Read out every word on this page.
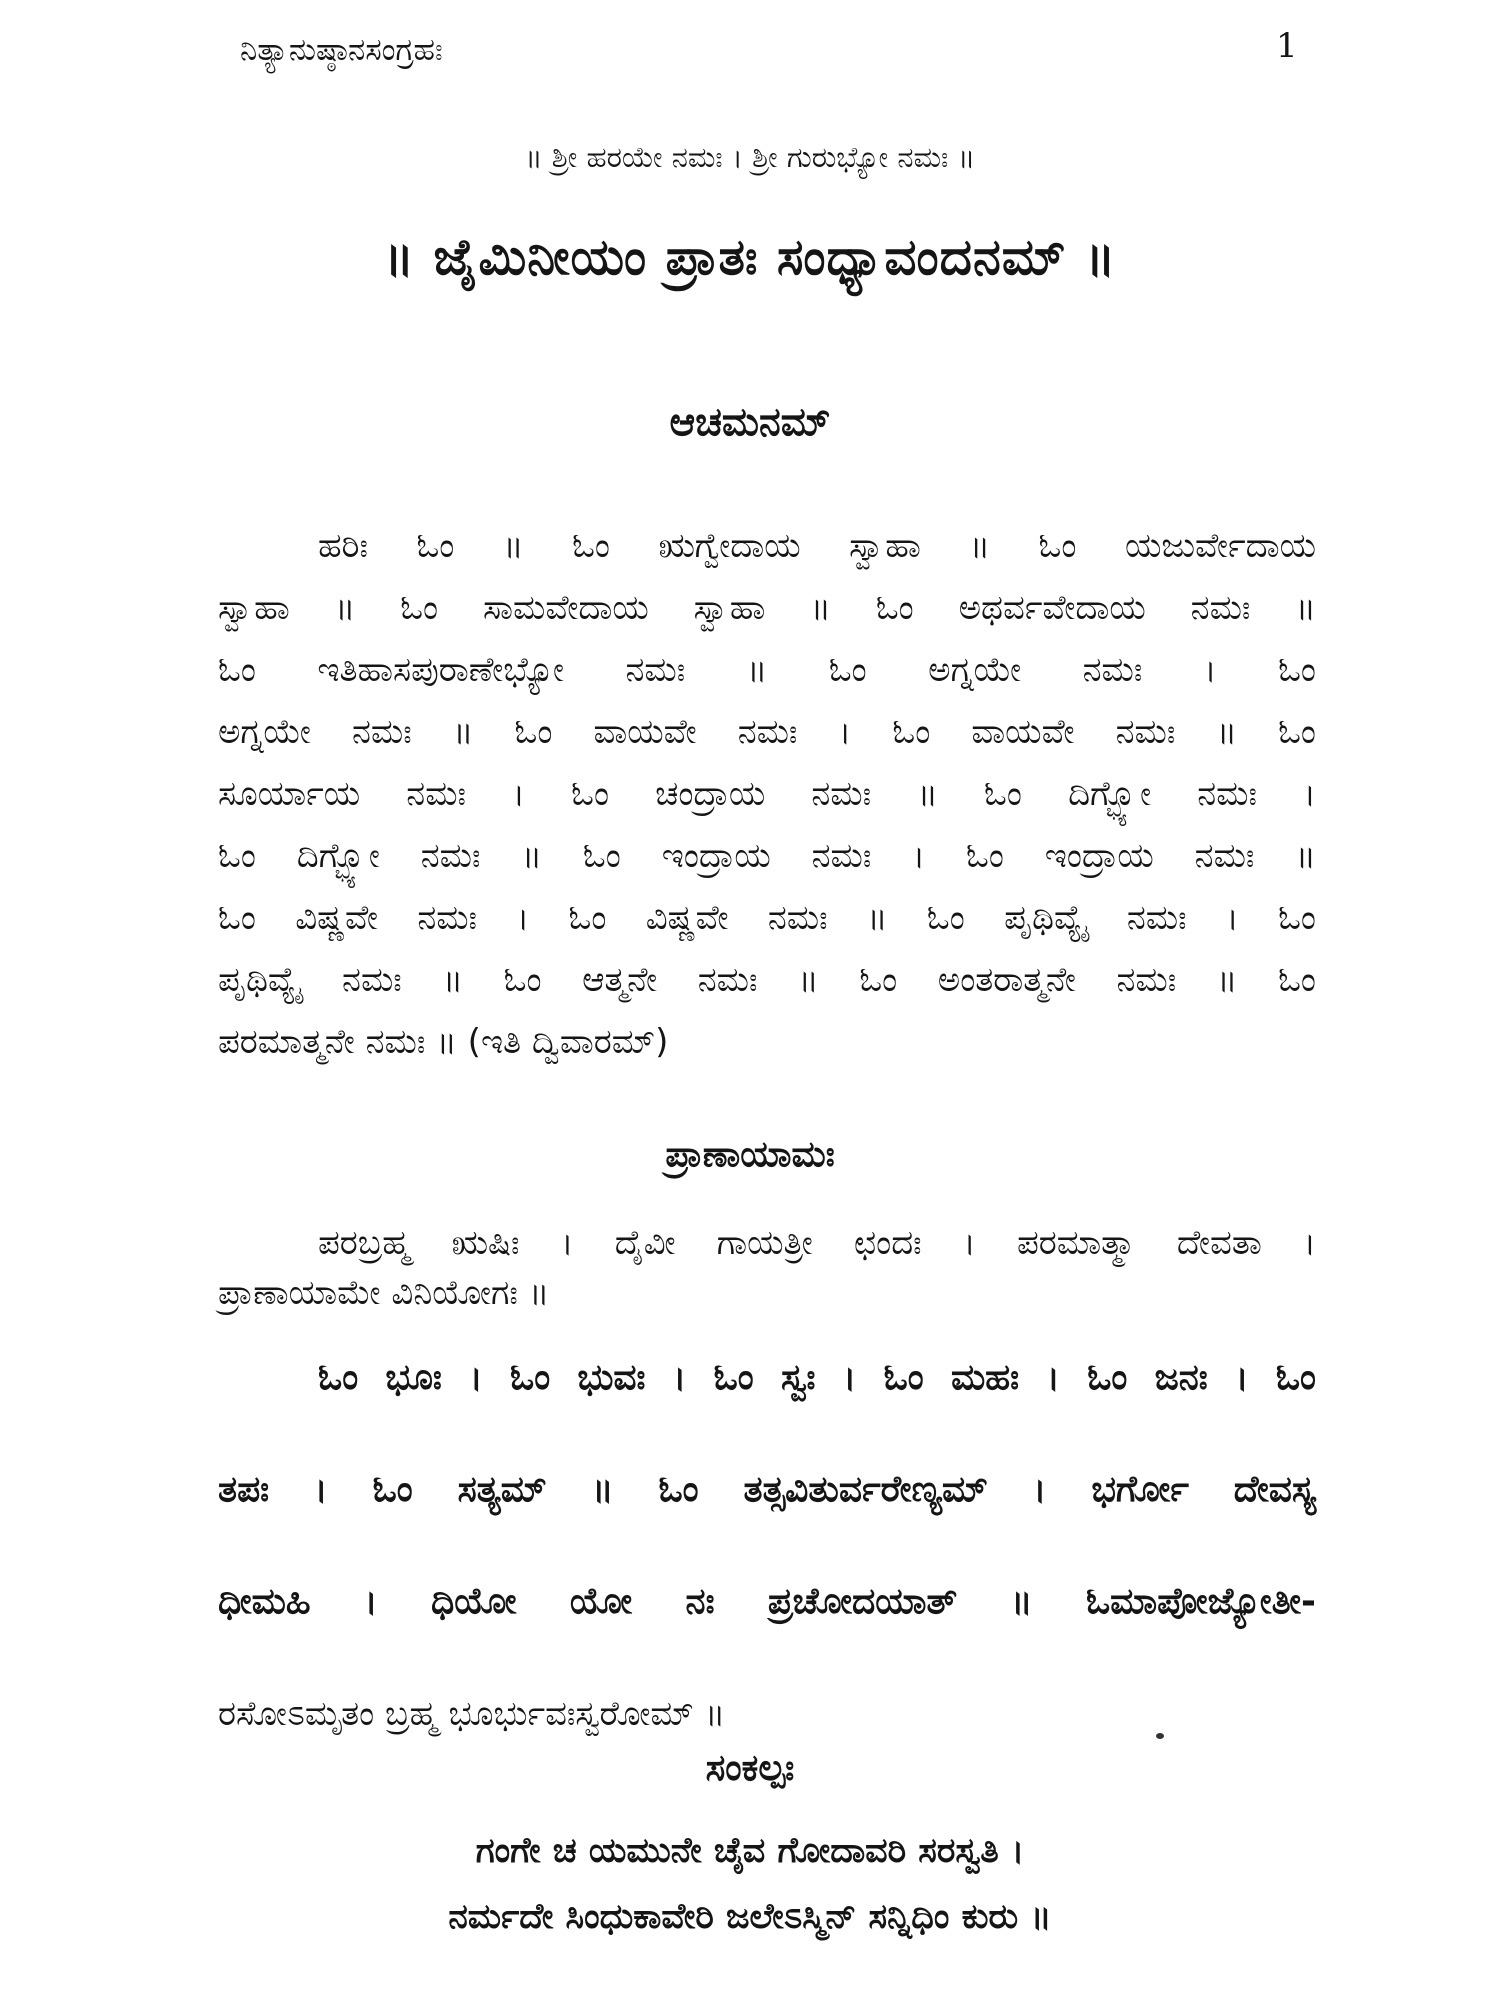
ನಿತ್ಯಾನುಷ್ಠಾನಸಂಗ್ರಹಃ	1
॥ ಶ್ರೀ ಹರಯೇ ನಮಃ । ಶ್ರೀ ಗುರುಭ್ಯೋ ನಮಃ ॥
॥ ಜೈಮಿನೀಯಂ ಪ್ರಾತಃ ಸಂಧ್ಯಾವಂದನಮ್ ॥
ಆಚಮನಮ್
ಹರಿಃ ಓಂ ॥ ಓಂ ಋಗ್ವೇದಾಯ ಸ್ವಾಹಾ ॥ ಓಂ ಯಜುರ್ವೇದಾಯ
ಸ್ವಾಹಾ ॥ ಓಂ ಸಾಮವೇದಾಯ ಸ್ವಾಹಾ ॥ ಓಂ ಅಥರ್ವವೇದಾಯ ನಮಃ ॥
ಓಂ ಇತಿಹಾಸಪುರಾಣೇಭ್ಯೋ ನಮಃ ॥ ಓಂ ಅಗ್ನಯೇ ನಮಃ । ಓಂ
ಅಗ್ನಯೇ ನಮಃ ॥ ಓಂ ವಾಯವೇ ನಮಃ । ಓಂ ವಾಯವೇ ನಮಃ ॥ ಓಂ
ಸೂರ್ಯಾಯ ನಮಃ । ಓಂ ಚಂದ್ರಾಯ ನಮಃ ॥ ಓಂ ದಿಗ್ಭ್ಯೋ ನಮಃ ।
ಓಂ ದಿಗ್ಭ್ಯೋ ನಮಃ ॥ ಓಂ ಇಂದ್ರಾಯ ನಮಃ । ಓಂ ಇಂದ್ರಾಯ ನಮಃ ॥
ಓಂ ವಿಷ್ಣವೇ ನಮಃ । ಓಂ ವಿಷ್ಣವೇ ನಮಃ ॥ ಓಂ ಪೃಥಿವ್ಯೈ ನಮಃ । ಓಂ
ಪೃಥಿವ್ಯೈ ನಮಃ ॥ ಓಂ ಆತ್ಮನೇ ನಮಃ ॥ ಓಂ ಅಂತರಾತ್ಮನೇ ನಮಃ ॥ ಓಂ
ಪರಮಾತ್ಮನೇ ನಮಃ ॥ (ಇತಿ ದ್ವಿವಾರಮ್)
ಪ್ರಾಣಾಯಾಮಃ
ಪರಬ್ರಹ್ಮ ಋಷಿಃ । ದೈವೀ ಗಾಯತ್ರೀ ಛಂದಃ । ಪರಮಾತ್ಮಾ ದೇವತಾ ।
ಪ್ರಾಣಾಯಾಮೇ ವಿನಿಯೋಗಃ ॥
ಓಂ ಭೂಃ । ಓಂ ಭುವಃ । ಓಂ ಸ್ವಃ । ಓಂ ಮಹಃ । ಓಂ ಜನಃ । ಓಂ
ತಪಃ । ಓಂ ಸತ್ಯಮ್ ॥ ಓಂ ತತ್ಸವಿತುರ್ವರೇಣ್ಯಮ್ । ಭರ್ಗೋ ದೇವಸ್ಯ
ಧೀಮಹಿ । ಧಿಯೋ ಯೋ ನಃ ಪ್ರಚೋದಯಾತ್ ॥ ಓಮಾಪೋಜ್ಯೋತೀ-
ರಸೋಽಮೃತಂ ಬ್ರಹ್ಮ ಭೂರ್ಭುವಃಸ್ವರೋಮ್ ॥
ಸಂಕಲ್ಪಃ
ಗಂಗೇ ಚ ಯಮುನೇ ಚೈವ ಗೋದಾವರಿ ಸರಸ್ವತಿ ।
ನರ್ಮದೇ ಸಿಂಧುಕಾವೇರಿ ಜಲೇಽಸ್ಮಿನ್ ಸನ್ನಿಧಿಂ ಕುರು ॥
